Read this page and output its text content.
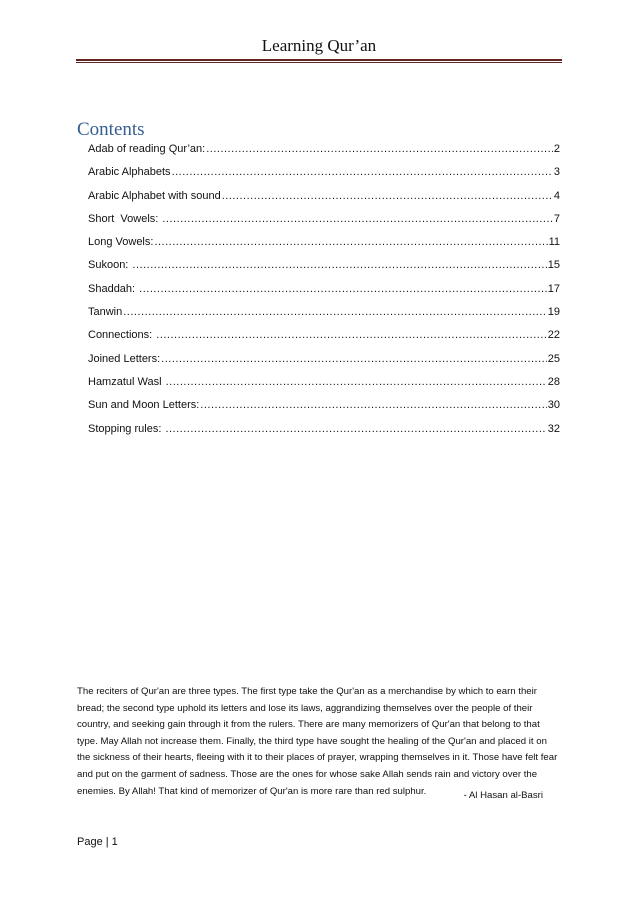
Learning Qur’an
Contents
Adab of reading Qur’an: .....	2
Arabic Alphabets .....	3
Arabic Alphabet with sound .....	4
Short  Vowels: .....	7
Long Vowels: .....	11
Sukoon: .....	15
Shaddah: .....	17
Tanwin .....	19
Connections: .....	22
Joined Letters: .....	25
Hamzatul Wasl .....	28
Sun and Moon Letters: .....	30
Stopping rules: .....	32

The reciters of Qur'an are three types. The first type take the Qur'an as a merchandise by which to earn their bread; the second type uphold its letters and lose its laws, aggrandizing themselves over the people of their country, and seeking gain through it from the rulers. There are many memorizers of Qur'an that belong to that type. May Allah not increase them. Finally, the third type have sought the healing of the Qur'an and placed it on the sickness of their hearts, fleeing with it to their places of prayer, wrapping themselves in it. Those have felt fear and put on the garment of sadness. Those are the ones for whose sake Allah sends rain and victory over the enemies. By Allah! That kind of memorizer of Qur'an is more rare than red sulphur.	- Al Hasan al-Basri
Page | 1
